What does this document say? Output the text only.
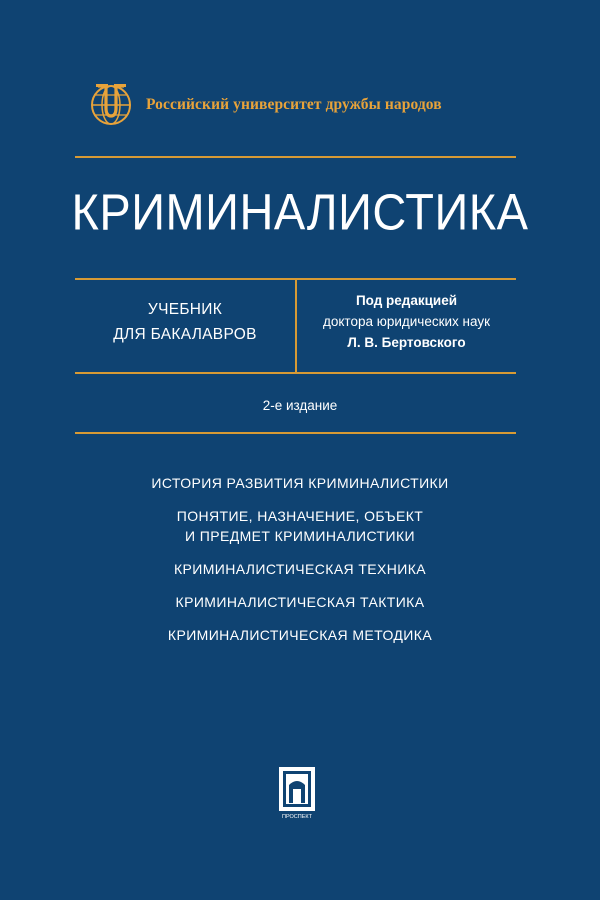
Российский университет дружбы народов
КРИМИНАЛИСТИКА
УЧЕБНИК
ДЛЯ БАКАЛАВРОВ
Под редакцией
доктора юридических наук
Л. В. Бертовского
2-е издание
ИСТОРИЯ РАЗВИТИЯ КРИМИНАЛИСТИКИ
ПОНЯТИЕ, НАЗНАЧЕНИЕ, ОБЪЕКТ
И ПРЕДМЕТ КРИМИНАЛИСТИКИ
КРИМИНАЛИСТИЧЕСКАЯ ТЕХНИКА
КРИМИНАЛИСТИЧЕСКАЯ ТАКТИКА
КРИМИНАЛИСТИЧЕСКАЯ МЕТОДИКА
ПРОСПЕКТ
